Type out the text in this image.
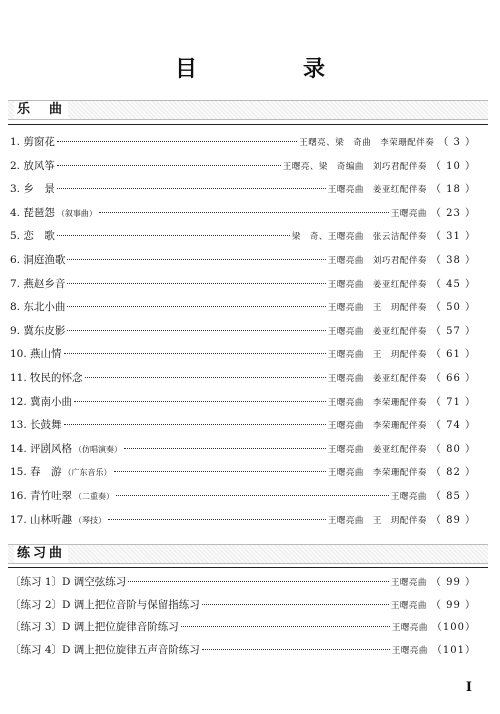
目　录
乐　曲
1. 剪窗花	王曙亮、梁　奇曲　李荣珊配伴奏 （ 3 ）
2. 放风筝	王曙亮、梁　奇编曲　刘巧君配伴奏 （ 10 ）
3. 乡　景	王曙亮曲　姜亚红配伴奏 （ 18 ）
4. 琵琶怨 （叙事曲）	王曙亮曲 （ 23 ）
5. 恋　歌	梁　奇、王曙亮曲　张云洁配伴奏 （ 31 ）
6. 洞庭渔歌	王曙亮曲　刘巧君配伴奏 （ 38 ）
7. 燕赵乡音	王曙亮曲　姜亚红配伴奏 （ 45 ）
8. 东北小曲	王曙亮曲　王　玥配伴奏 （ 50 ）
9. 冀东皮影	王曙亮曲　姜亚红配伴奏 （ 57 ）
10. 燕山情	王曙亮曲　王　玥配伴奏 （ 61 ）
11. 牧民的怀念	王曙亮曲　姜亚红配伴奏 （ 66 ）
12. 冀南小曲	王曙亮曲　李荣珊配伴奏 （ 71 ）
13. 长鼓舞	王曙亮曲　李荣珊配伴奏 （ 74 ）
14. 评剧风格 （仿唱演奏）	王曙亮曲　姜亚红配伴奏 （ 80 ）
15. 春　游 （广东音乐）	王曙亮曲　李荣珊配伴奏 （ 82 ）
16. 青竹吐翠 （二重奏）	王曙亮曲 （ 85 ）
17. 山林听趣 （琴技）	王曙亮曲　王　玥配伴奏 （ 89 ）
练习曲
〔练习 1〕D 调空弦练习	王曙亮曲 （ 99 ）
〔练习 2〕D 调上把位音阶与保留指练习	王曙亮曲 （ 99 ）
〔练习 3〕D 调上把位旋律音阶练习	王曙亮曲 （100）
〔练习 4〕D 调上把位旋律五声音阶练习	王曙亮曲 （101）
I
